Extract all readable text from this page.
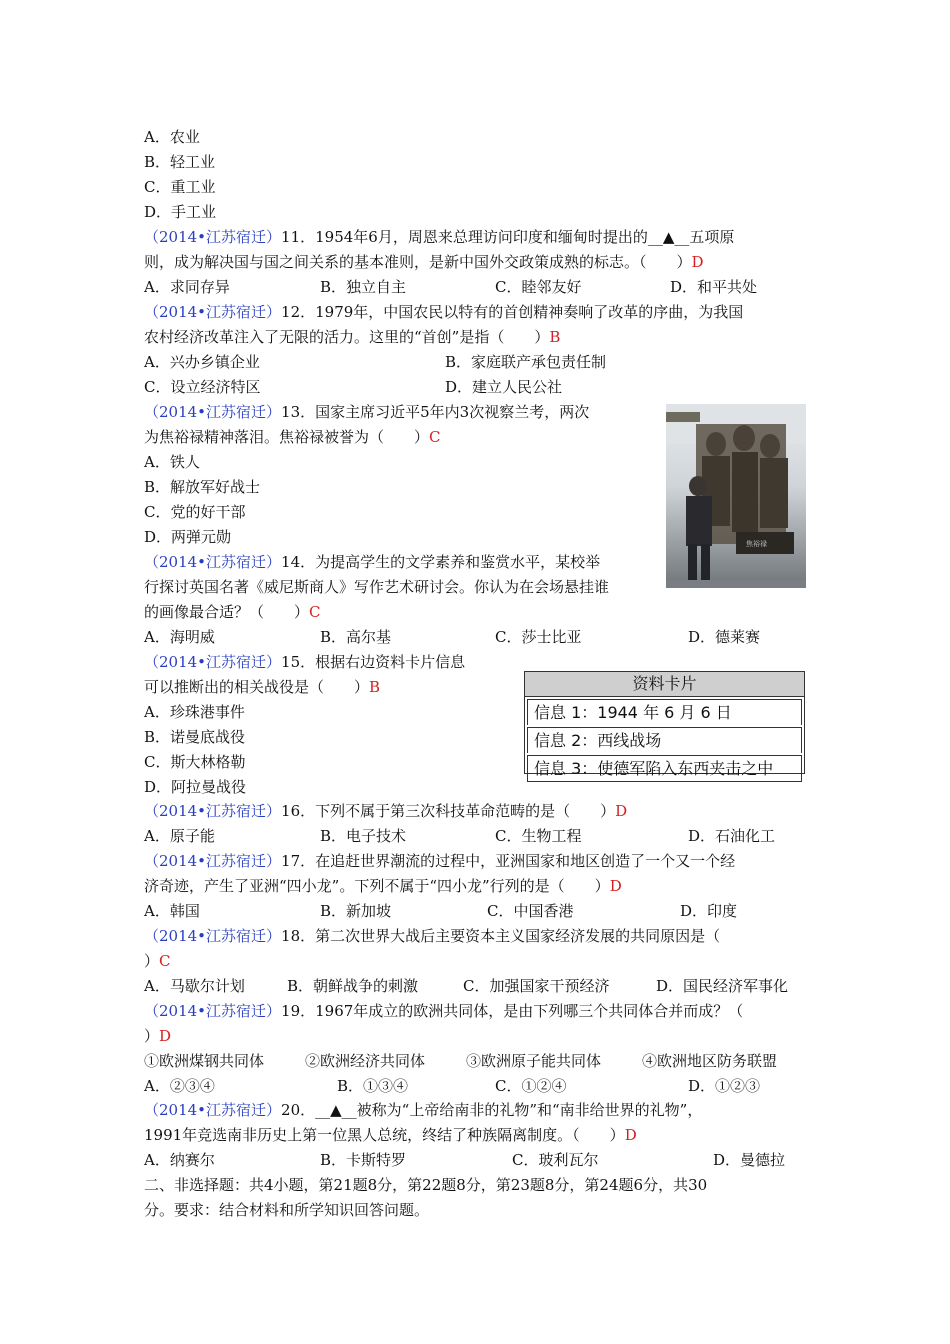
A．农业
B．轻工业
C．重工业
D．手工业
（2014•江苏宿迁）11．1954年6月，周恩来总理访问印度和缅甸时提出的__▲__五项原
则，成为解决国与国之间关系的基本准则，是新中国外交政策成熟的标志。（　　）D
A．求同存异	B．独立自主	C．睦邻友好	D．和平共处
（2014•江苏宿迁）12．1979年，中国农民以特有的首创精神奏响了改革的序曲，为我国
农村经济改革注入了无限的活力。这里的“首创”是指（　　）B
A．兴办乡镇企业	B．家庭联产承包责任制
C．设立经济特区	D．建立人民公社
（2014•江苏宿迁）13．国家主席习近平5年内3次视察兰考，两次
为焦裕禄精神落泪。焦裕禄被誉为（　　）C
A．铁人
B．解放军好战士
C．党的好干部
D．两弹元勋	焦裕禄
（2014•江苏宿迁）14．为提高学生的文学素养和鉴赏水平，某校举
行探讨英国名著《威尼斯商人》写作艺术研讨会。你认为在会场悬挂谁
的画像最合适？（　　）C
A．海明威	B．高尔基	C．莎士比亚	D．德莱赛
（2014•江苏宿迁）15．根据右边资料卡片信息
可以推断出的相关战役是（　　）B
A．珍珠港事件
B．诺曼底战役
C．斯大林格勒
D．阿拉曼战役
资料卡片
信息 1：1944 年 6 月 6 日
信息 2：西线战场
信息 3：使德军陷入东西夹击之中
（2014•江苏宿迁）16．下列不属于第三次科技革命范畴的是（　　）D
A．原子能	B．电子技术	C．生物工程	D．石油化工
（2014•江苏宿迁）17．在追赶世界潮流的过程中，亚洲国家和地区创造了一个又一个经
济奇迹，产生了亚洲“四小龙”。下列不属于“四小龙”行列的是（　　）D
A．韩国	B．新加坡	C．中国香港	D．印度
（2014•江苏宿迁）18．第二次世界大战后主要资本主义国家经济发展的共同原因是（
）C
A．马歇尔计划	B．朝鲜战争的刺激	C．加强国家干预经济	D．国民经济军事化
（2014•江苏宿迁）19．1967年成立的欧洲共同体，是由下列哪三个共同体合并而成？（
）D
①欧洲煤钢共同体	②欧洲经济共同体	③欧洲原子能共同体	④欧洲地区防务联盟
A．②③④	B．①③④	C．①②④	D．①②③
（2014•江苏宿迁）20．__▲__被称为“上帝给南非的礼物”和“南非给世界的礼物”，
1991年竞选南非历史上第一位黑人总统，终结了种族隔离制度。（　　）D
A．纳赛尔	B．卡斯特罗	C．玻利瓦尔	D．曼德拉
二、非选择题：共4小题，第21题8分，第22题8分，第23题8分，第24题6分，共30
分。要求：结合材料和所学知识回答问题。
